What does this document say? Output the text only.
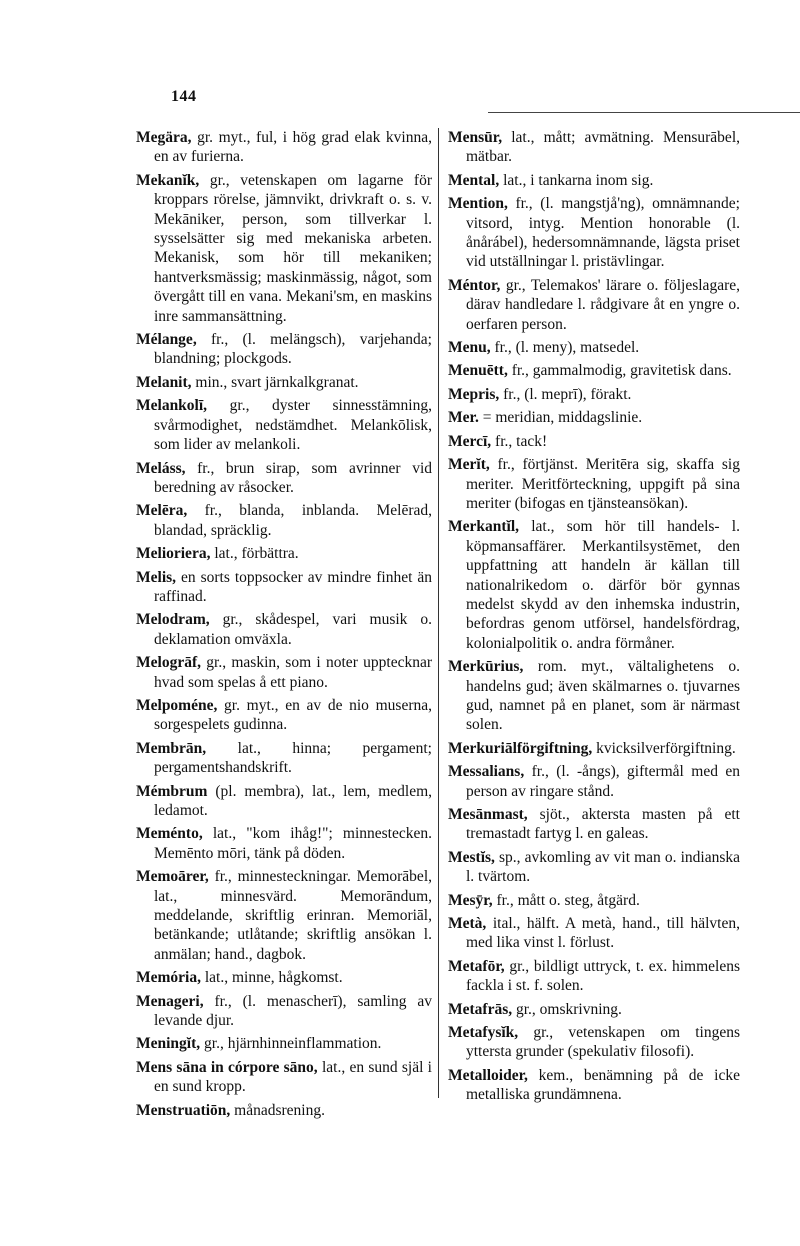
144

Megära, gr. myt., ful, i hög grad elak kvinna, en av furierna.

Mekanĭk, gr., vetenskapen om lagarne för kroppars rörelse, jämnvikt, drivkraft o. s. v. Mekāniker, person, som tillverkar l. sysselsätter sig med mekaniska arbeten. Mekanisk, som hör till mekaniken; hantverksmässig; maskinmässig, något, som övergått till en vana. Mekani'sm, en maskins inre sammansättning.

Mélange, fr., (l. melängsch), varjehanda; blandning; plockgods.

Melanit, min., svart järnkalkgranat.

Melankolī, gr., dyster sinnesstämning, svårmodighet, nedstämdhet. Melankōlisk, som lider av melankoli.

Meláss, fr., brun sirap, som avrinner vid beredning av råsocker.

Melēra, fr., blanda, inblanda. Melērad, blandad, spräcklig.

Melioriera, lat., förbättra.

Melis, en sorts toppsocker av mindre finhet än raffinad.

Melodram, gr., skådespel, vari musik o. deklamation omväxla.

Melogrāf, gr., maskin, som i noter upptecknar hvad som spelas å ett piano.

Melpoméne, gr. myt., en av de nio muserna, sorgespelets gudinna.

Membrān, lat., hinna; pergament; pergamentshandskrift.

Mémbrum (pl. membra), lat., lem, medlem, ledamot.

Meménto, lat., "kom ihåg!"; minnestecken. Memēnto mōri, tänk på döden.

Memoārer, fr., minnesteckningar. Memorābel, lat., minnesvärd. Memorāndum, meddelande, skriftlig erinran. Memoriāl, betänkande; utlåtande; skriftlig ansökan l. anmälan; hand., dagbok.

Memória, lat., minne, hågkomst.

Menageri, fr., (l. menascherī), samling av levande djur.

Meningĭt, gr., hjärnhinneinflammation.

Mens sāna in córpore sāno, lat., en sund själ i en sund kropp.

Menstruatiōn, månadsrening.

Mensūr, lat., mått; avmätning. Mensurābel, mätbar.

Mental, lat., i tankarna inom sig.

Mention, fr., (l. mangstjå'ng), omnämnande; vitsord, intyg. Mention honorable (l. ånårábel), hedersomnämnande, lägsta priset vid utställningar l. pristävlingar.

Méntor, gr., Telemakos' lärare o. följeslagare, därav handledare l. rådgivare åt en yngre o. oerfaren person.

Menu, fr., (l. meny), matsedel.

Menuētt, fr., gammalmodig, gravitetisk dans.

Mepris, fr., (l. meprī), förakt.

Mer. = meridian, middagslinie.

Mercī, fr., tack!

Merĭt, fr., förtjänst. Meritēra sig, skaffa sig meriter. Meritförteckning, uppgift på sina meriter (bifogas en tjänsteansökan).

Merkantĭl, lat., som hör till handels- l. köpmansaffärer. Merkantilsystēmet, den uppfattning att handeln är källan till nationalrikedom o. därför bör gynnas medelst skydd av den inhemska industrin, befordras genom utförsel, handelsfördrag, kolonialpolitik o. andra förmåner.

Merkūrius, rom. myt., vältalighetens o. handelns gud; även skälmarnes o. tjuvarnes gud, namnet på en planet, som är närmast solen.

Merkuriālförgiftning, kvicksilverförgiftning.

Messalians, fr., (l. -ångs), giftermål med en person av ringare stånd.

Mesānmast, sjöt., aktersta masten på ett tremastadt fartyg l. en galeas.

Mestĭs, sp., avkomling av vit man o. indianska l. tvärtom.

Mesȳr, fr., mått o. steg, åtgärd.

Metà, ital., hälft. A metà, hand., till hälvten, med lika vinst l. förlust.

Metafōr, gr., bildligt uttryck, t. ex. himmelens fackla i st. f. solen.

Metafrās, gr., omskrivning.

Metafysĭk, gr., vetenskapen om tingens yttersta grunder (spekulativ filosofi).

Metalloider, kem., benämning på de icke metalliska grundämnena.
